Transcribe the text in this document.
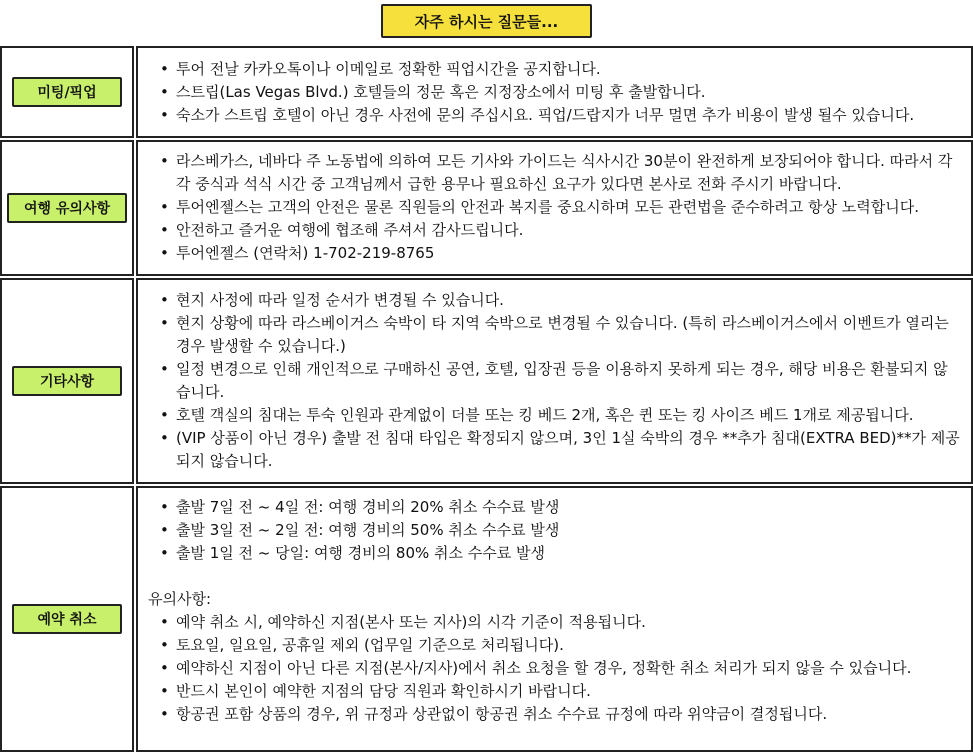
자주 하시는 질문들...
미팅/픽업
• 투어 전날 카카오톡이나 이메일로 정확한 픽업시간을 공지합니다.
• 스트립(Las Vegas Blvd.) 호텔들의 정문 혹은 지정장소에서 미팅 후 출발합니다.
• 숙소가 스트립 호텔이 아닌 경우 사전에 문의 주십시요. 픽업/드랍지가 너무 멀면 추가 비용이 발생 될수 있습니다.
여행 유의사항
• 라스베가스, 네바다 주 노동법에 의하여 모든 기사와 가이드는 식사시간 30분이 완전하게 보장되어야 합니다. 따라서 각각 중식과 석식 시간 중 고객님께서 급한 용무나 필요하신 요구가 있다면 본사로 전화 주시기 바랍니다.
• 투어엔젤스는 고객의 안전은 물론 직원들의 안전과 복지를 중요시하며 모든 관련법을 준수하려고 항상 노력합니다.
• 안전하고 즐거운 여행에 협조해 주셔서 감사드립니다.
• 투어엔젤스 (연락처) 1-702-219-8765
기타사항
• 현지 사정에 따라 일정 순서가 변경될 수 있습니다.
• 현지 상황에 따라 라스베이거스 숙박이 타 지역 숙박으로 변경될 수 있습니다. (특히 라스베이거스에서 이벤트가 열리는 경우 발생할 수 있습니다.)
• 일정 변경으로 인해 개인적으로 구매하신 공연, 호텔, 입장권 등을 이용하지 못하게 되는 경우, 해당 비용은 환불되지 않습니다.
• 호텔 객실의 침대는 투숙 인원과 관계없이 더블 또는 킹 베드 2개, 혹은 퀸 또는 킹 사이즈 베드 1개로 제공됩니다.
• (VIP 상품이 아닌 경우) 출발 전 침대 타입은 확정되지 않으며, 3인 1실 숙박의 경우 **추가 침대(EXTRA BED)**가 제공되지 않습니다.
예약 취소
• 출발 7일 전 ~ 4일 전: 여행 경비의 20% 취소 수수료 발생
• 출발 3일 전 ~ 2일 전: 여행 경비의 50% 취소 수수료 발생
• 출발 1일 전 ~ 당일: 여행 경비의 80% 취소 수수료 발생
유의사항:
• 예약 취소 시, 예약하신 지점(본사 또는 지사)의 시각 기준이 적용됩니다.
• 토요일, 일요일, 공휴일 제외 (업무일 기준으로 처리됩니다).
• 예약하신 지점이 아닌 다른 지점(본사/지사)에서 취소 요청을 할 경우, 정확한 취소 처리가 되지 않을 수 있습니다.
• 반드시 본인이 예약한 지점의 담당 직원과 확인하시기 바랍니다.
• 항공권 포함 상품의 경우, 위 규정과 상관없이 항공권 취소 수수료 규정에 따라 위약금이 결정됩니다.
